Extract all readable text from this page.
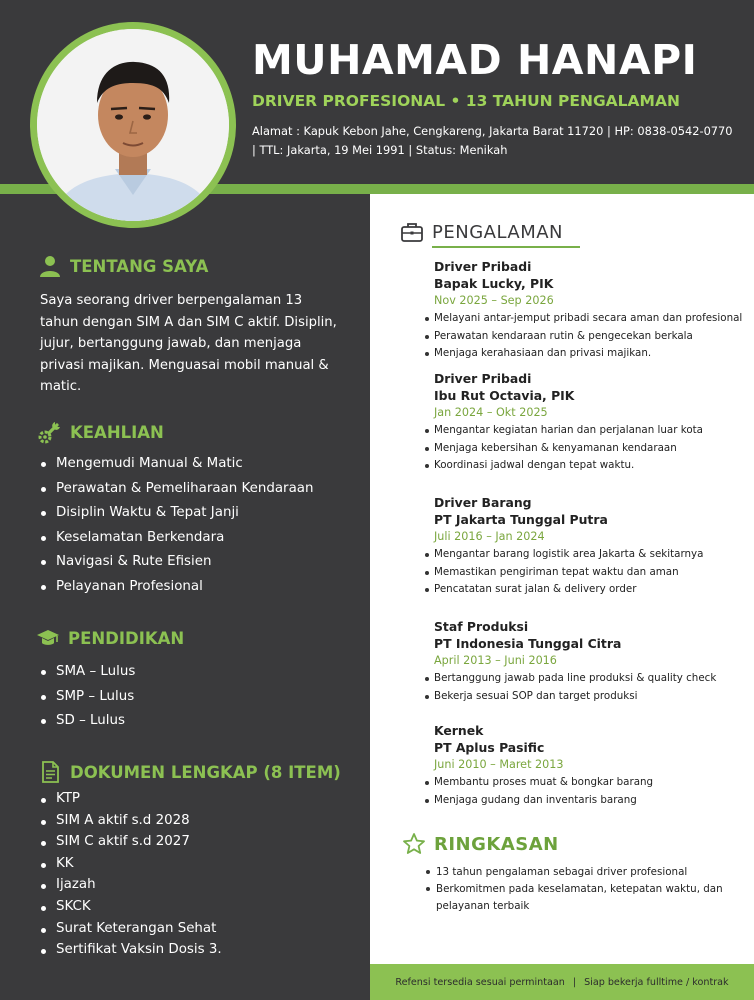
MUHAMAD HANAPI
DRIVER PROFESIONAL • 13 TAHUN PENGALAMAN
Alamat : Kapuk Kebon Jahe, Cengkareng, Jakarta Barat 11720 | HP: 0838-0542-0770
| TTL: Jakarta, 19 Mei 1991 | Status: Menikah
TENTANG SAYA
Saya seorang driver berpengalaman 13 tahun dengan SIM A dan SIM C aktif. Disiplin, jujur, bertanggung jawab, dan menjaga privasi majikan. Menguasai mobil manual & matic.
KEAHLIAN
Mengemudi Manual & Matic
Perawatan & Pemeliharaan Kendaraan
Disiplin Waktu & Tepat Janji
Keselamatan Berkendara
Navigasi & Rute Efisien
Pelayanan Profesional
PENDIDIKAN
SMA – Lulus
SMP – Lulus
SD – Lulus
DOKUMEN LENGKAP (8 ITEM)
KTP
SIM A aktif s.d 2028
SIM C aktif s.d 2027
KK
Ijazah
SKCK
Surat Keterangan Sehat
Sertifikat Vaksin Dosis 3.
PENGALAMAN
Driver Pribadi
Bapak Lucky, PIK
Nov 2025 – Sep 2026
Melayani antar-jemput pribadi secara aman dan profesional
Perawatan kendaraan rutin & pengecekan berkala
Menjaga kerahasiaan dan privasi majikan.
Driver Pribadi
Ibu Rut Octavia, PIK
Jan 2024 – Okt 2025
Mengantar kegiatan harian dan perjalanan luar kota
Menjaga kebersihan & kenyamanan kendaraan
Koordinasi jadwal dengan tepat waktu.
Driver Barang
PT Jakarta Tunggal Putra
Juli 2016 – Jan 2024
Mengantar barang logistik area Jakarta & sekitarnya
Memastikan pengiriman tepat waktu dan aman
Pencatatan surat jalan & delivery order
Staf Produksi
PT Indonesia Tunggal Citra
April 2013 – Juni 2016
Bertanggung jawab pada line produksi & quality check
Bekerja sesuai SOP dan target produksi
Kernek
PT Aplus Pasific
Juni 2010 – Maret 2013
Membantu proses muat & bongkar barang
Menjaga gudang dan inventaris barang
RINGKASAN
13 tahun pengalaman sebagai driver profesional
Berkomitmen pada keselamatan, ketepatan waktu, dan pelayanan terbaik
Refensi tersedia sesuai permintaan | Siap bekerja fulltime / kontrak
